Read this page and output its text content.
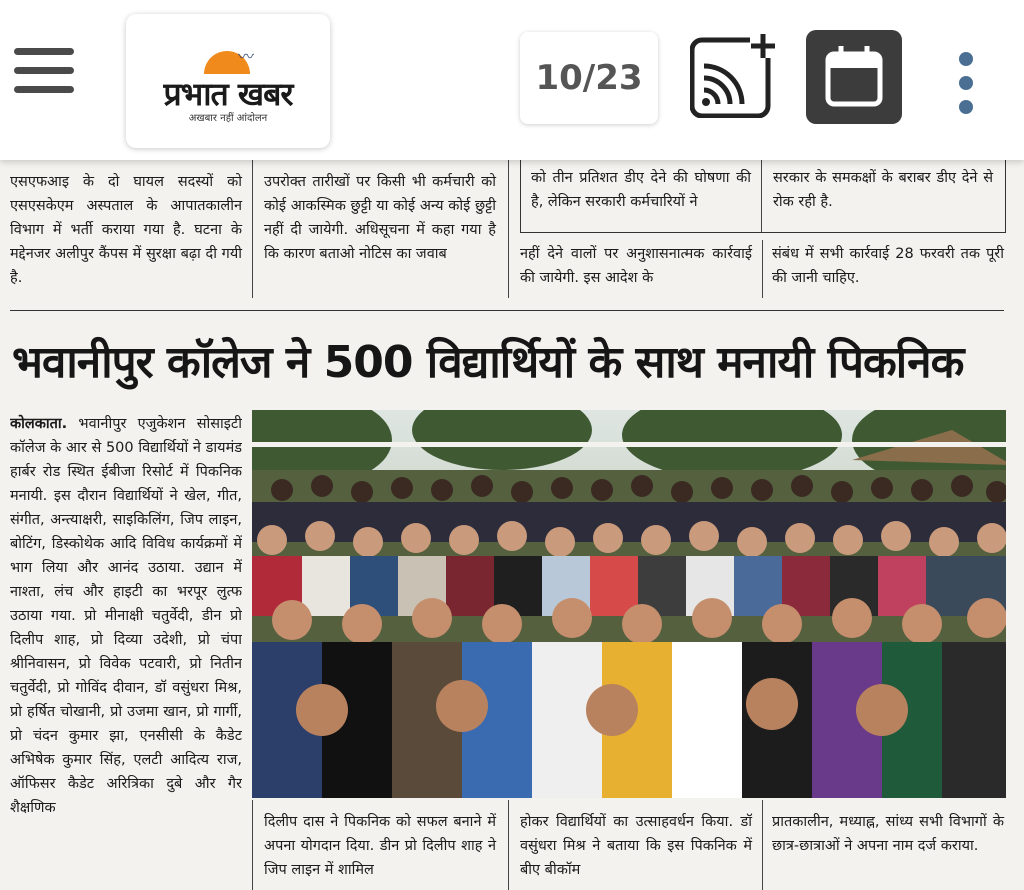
〰
प्रभात खबर
अखबार नहीं आंदोलन
10/23
एसएफआइ के दो घायल सदस्यों को एसएसकेएम अस्पताल के आपातकालीन विभाग में भर्ती कराया गया है. घटना के मद्देनजर अलीपुर कैंपस में सुरक्षा बढ़ा दी गयी है.
उपरोक्त तारीखों पर किसी भी कर्मचारी को कोई आकस्मिक छुट्टी या कोई अन्य कोई छुट्टी नहीं दी जायेगी. अधिसूचना में कहा गया है कि कारण बताओ नोटिस का जवाब
को तीन प्रतिशत डीए देने की घोषणा की है, लेकिन सरकारी कर्मचारियों ने
सरकार के समकक्षों के बराबर डीए देने से रोक रही है.
नहीं देने वालों पर अनुशासनात्मक कार्रवाई की जायेगी. इस आदेश के
संबंध में सभी कार्रवाई 28 फरवरी तक पूरी की जानी चाहिए.
भवानीपुर कॉलेज ने 500 विद्यार्थियों के साथ मनायी पिकनिक
कोलकाता. भवानीपुर एजुकेशन सोसाइटी कॉलेज के आर से 500 विद्यार्थियों ने डायमंड हार्बर रोड स्थित ईबीजा रिसोर्ट में पिकनिक मनायी. इस दौरान विद्यार्थियों ने खेल, गीत, संगीत, अन्त्याक्षरी, साइकिलिंग, जिप लाइन, बोटिंग, डिस्कोथेक आदि विविध कार्यक्रमों में भाग लिया और आनंद उठाया. उद्यान में नाश्ता, लंच और हाइटी का भरपूर लुत्फ उठाया गया. प्रो मीनाक्षी चतुर्वेदी, डीन प्रो दिलीप शाह, प्रो दिव्या उदेशी, प्रो चंपा श्रीनिवासन, प्रो विवेक पटवारी, प्रो नितीन चतुर्वेदी, प्रो गोविंद दीवान, डॉ वसुंधरा मिश्र, प्रो हर्षित चोखानी, प्रो उजमा खान, प्रो गार्गी, प्रो चंदन कुमार झा, एनसीसी के कैडेट अभिषेक कुमार सिंह, एलटी आदित्य राज, ऑफिसर कैडेट अरित्रिका दुबे और गैर शैक्षणिक
दिलीप दास ने पिकनिक को सफल बनाने में अपना योगदान दिया. डीन प्रो दिलीप शाह ने जिप लाइन में शामिल
होकर विद्यार्थियों का उत्साहवर्धन किया. डॉ वसुंधरा मिश्र ने बताया कि इस पिकनिक में बीए बीकॉम
प्रातकालीन, मध्याह्न, सांध्य सभी विभागों के छात्र-छात्राओं ने अपना नाम दर्ज कराया.
